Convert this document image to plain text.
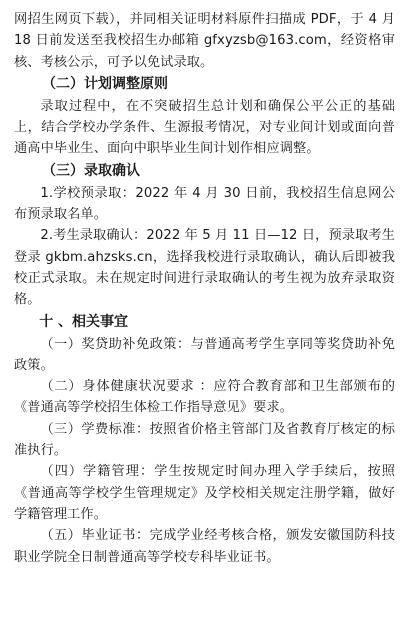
网招生网页下载），并同相关证明材料原件扫描成 PDF，于 4 月 18 日前发送至我校招生办邮箱 gfxyzsb@163.com，经资格审核、考核公示，可予以免试录取。

（二）计划调整原则

录取过程中，在不突破招生总计划和确保公平公正的基础上，结合学校办学条件、生源报考情况，对专业间计划或面向普通高中毕业生、面向中职毕业生间计划作相应调整。

（三）录取确认

1.学校预录取：2022 年 4 月 30 日前，我校招生信息网公布预录取名单。

2.考生录取确认：2022 年 5 月 11 日—12 日，预录取考生登录 gkbm.ahzsks.cn，选择我校进行录取确认，确认后即被我校正式录取。未在规定时间进行录取确认的考生视为放弃录取资格。

十 、相关事宜

（一）奖贷助补免政策：与普通高考学生享同等奖贷助补免政策。

（二）身体健康状况要求 ：应符合教育部和卫生部颁布的《普通高等学校招生体检工作指导意见》要求。

（三）学费标准：按照省价格主管部门及省教育厅核定的标准执行。

（四）学籍管理：学生按规定时间办理入学手续后，按照《普通高等学校学生管理规定》及学校相关规定注册学籍，做好学籍管理工作。

（五）毕业证书：完成学业经考核合格，颁发安徽国防科技职业学院全日制普通高等学校专科毕业证书。
